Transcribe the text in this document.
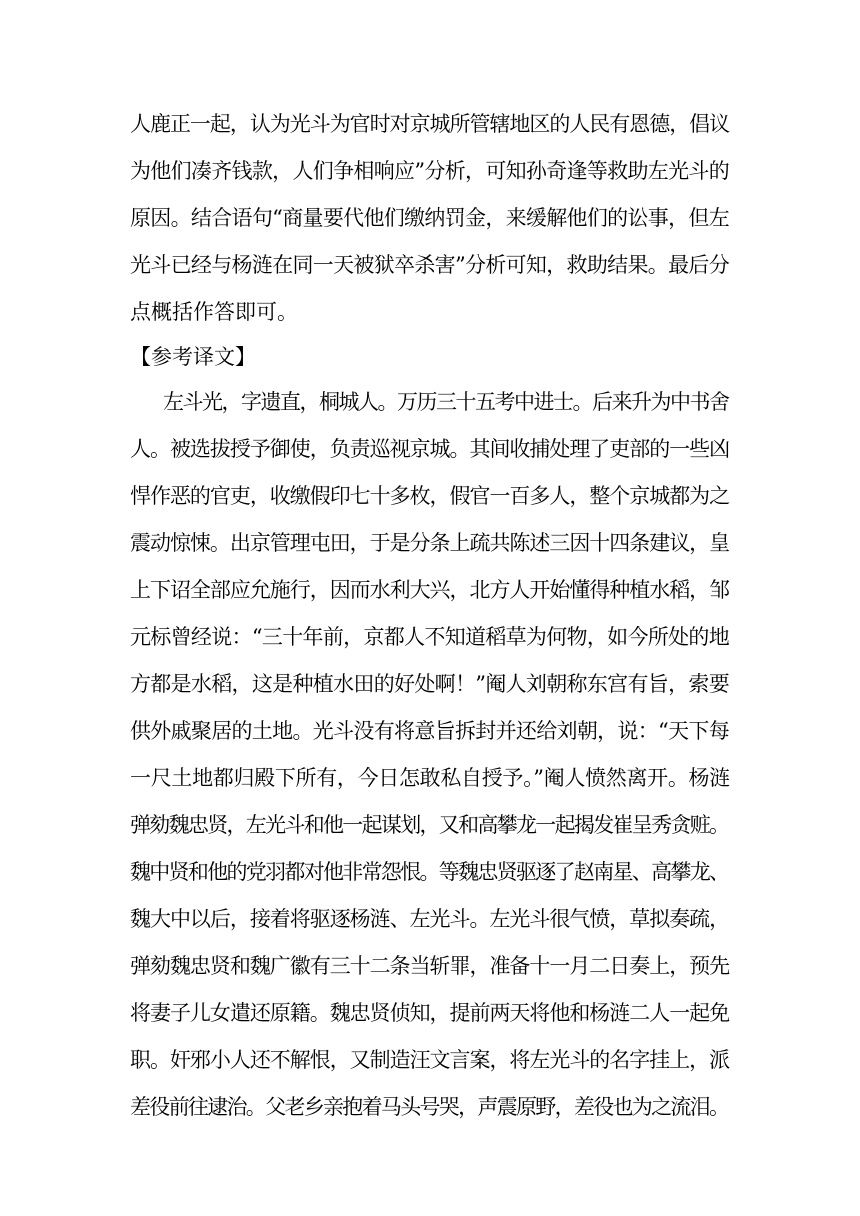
人鹿正一起，认为光斗为官时对京城所管辖地区的人民有恩德，倡议
为他们凑齐钱款，人们争相响应”分析，可知孙奇逢等救助左光斗的
原因。结合语句“商量要代他们缴纳罚金，来缓解他们的讼事，但左
光斗已经与杨涟在同一天被狱卒杀害”分析可知，救助结果。最后分
点概括作答即可。
【参考译文】
左斗光，字遗直，桐城人。万历三十五考中进士。后来升为中书舍
人。被选拔授予御使，负责巡视京城。其间收捕处理了吏部的一些凶
悍作恶的官吏，收缴假印七十多枚，假官一百多人，整个京城都为之
震动惊悚。出京管理屯田，于是分条上疏共陈述三因十四条建议，皇
上下诏全部应允施行，因而水利大兴，北方人开始懂得种植水稻，邹
元标曾经说：“三十年前，京都人不知道稻草为何物，如今所处的地
方都是水稻，这是种植水田的好处啊！”阉人刘朝称东宫有旨，索要
供外戚聚居的土地。光斗没有将意旨拆封并还给刘朝，说：“天下每
一尺土地都归殿下所有，今日怎敢私自授予。”阉人愤然离开。杨涟
弹劾魏忠贤，左光斗和他一起谋划，又和高攀龙一起揭发崔呈秀贪赃。
魏中贤和他的党羽都对他非常怨恨。等魏忠贤驱逐了赵南星、高攀龙、
魏大中以后，接着将驱逐杨涟、左光斗。左光斗很气愤，草拟奏疏，
弹劾魏忠贤和魏广徽有三十二条当斩罪，准备十一月二日奏上，预先
将妻子儿女遣还原籍。魏忠贤侦知，提前两天将他和杨涟二人一起免
职。奸邪小人还不解恨，又制造汪文言案，将左光斗的名字挂上，派
差役前往逮治。父老乡亲抱着马头号哭，声震原野，差役也为之流泪。
